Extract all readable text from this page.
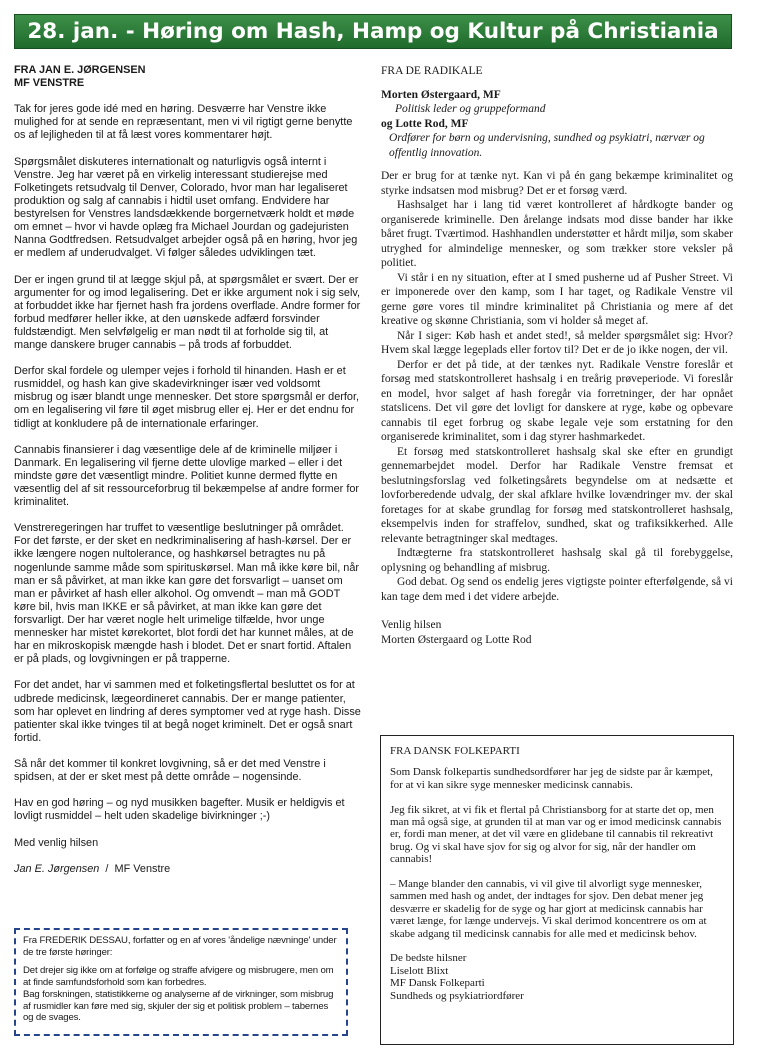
28. jan. - Høring om Hash, Hamp og Kultur på Christiania
FRA JAN E. JØRGENSEN
MF VENSTRE

Tak for jeres gode idé med en høring. Desværre har Venstre ikke mulighed for at sende en repræsentant, men vi vil rigtigt gerne benytte os af lejligheden til at få læst vores kommentarer højt.

Spørgsmålet diskuteres internationalt og naturligvis også internt i Venstre. Jeg har været på en virkelig interessant studierejse med Folketingets retsudvalg til Denver, Colorado, hvor man har legaliseret produktion og salg af cannabis i hidtil uset omfang. Endvidere har bestyrelsen for Venstres landsdækkende borgernetværk holdt et møde om emnet – hvor vi havde oplæg fra Michael Jourdan og gadejuristen Nanna Godtfredsen. Retsudvalget arbejder også på en høring, hvor jeg er medlem af underudvalget. Vi følger således udviklingen tæt.

Der er ingen grund til at lægge skjul på, at spørgsmålet er svært. Der er argumenter for og imod legalisering. Det er ikke argument nok i sig selv, at forbuddet ikke har fjernet hash fra jordens overflade. Andre former for forbud medfører heller ikke, at den uønskede adfærd forsvinder fuldstændigt. Men selvfølgelig er man nødt til at forholde sig til, at mange danskere bruger cannabis – på trods af forbuddet.

Derfor skal fordele og ulemper vejes i forhold til hinanden. Hash er et rusmiddel, og hash kan give skadevirkninger især ved voldsomt misbrug og især blandt unge mennesker. Det store spørgsmål er derfor, om en legalisering vil føre til øget misbrug eller ej. Her er det endnu for tidligt at konkludere på de internationale erfaringer.

Cannabis finansierer i dag væsentlige dele af de kriminelle miljøer i Danmark. En legalisering vil fjerne dette ulovlige marked – eller i det mindste gøre det væsentligt mindre. Politiet kunne dermed flytte en væsentlig del af sit ressourceforbrug til bekæmpelse af andre former for kriminalitet.

Venstreregeringen har truffet to væsentlige beslutninger på området. For det første, er der sket en nedkriminalisering af hash-kørsel. Der er ikke længere nogen nultolerance, og hashkørsel betragtes nu på nogenlunde samme måde som spirituskørsel. Man må ikke køre bil, når man er så påvirket, at man ikke kan gøre det forsvarligt – uanset om man er påvirket af hash eller alkohol. Og omvendt – man må GODT køre bil, hvis man IKKE er så påvirket, at man ikke kan gøre det forsvarligt. Der har været nogle helt urimelige tilfælde, hvor unge mennesker har mistet kørekortet, blot fordi det har kunnet måles, at de har en mikroskopisk mængde hash i blodet. Det er snart fortid. Aftalen er på plads, og lovgivningen er på trapperne.

For det andet, har vi sammen med et folketingsflertal besluttet os for at udbrede medicinsk, lægeordineret cannabis. Der er mange patienter, som har oplevet en lindring af deres symptomer ved at ryge hash. Disse patienter skal ikke tvinges til at begå noget kriminelt. Det er også snart fortid.

Så når det kommer til konkret lovgivning, så er det med Venstre i spidsen, at der er sket mest på dette område – nogensinde.

Hav en god høring – og nyd musikken bagefter. Musik er heldigvis et lovligt rusmiddel – helt uden skadelige bivirkninger ;-)

Med venlig hilsen

Jan E. Jørgensen  /  MF Venstre

Fra FREDERIK DESSAU, forfatter og en af vores 'åndelige nævninge' under de tre første høringer:

Det drejer sig ikke om at forfølge og straffe afvigere og misbrugere, men om at finde samfundsforhold som kan forbedres.

Bag forskningen, statistikkerne og analyserne af de virkninger, som misbrug af rusmidler kan føre med sig, skjuler der sig et politisk problem – tabernes og de svages.

FRA DE RADIKALE
Morten Østergaard, MF
Politisk leder og gruppeformand
og Lotte Rod, MF
Ordfører for børn og undervisning, sundhed og psykiatri, nærvær og offentlig innovation.

Der er brug for at tænke nyt. Kan vi på én gang bekæmpe kriminalitet og styrke indsatsen mod misbrug? Det er et forsøg værd.

Hashsalget har i lang tid været kontrolleret af hårdkogte bander og organiserede kriminelle. Den årelange indsats mod disse bander har ikke båret frugt. Tværtimod. Hashhandlen understøtter et hårdt miljø, som skaber utryghed for almindelige mennesker, og som trækker store veksler på politiet.

Vi står i en ny situation, efter at I smed pusherne ud af Pusher Street. Vi er imponerede over den kamp, som I har taget, og Radikale Venstre vil gerne gøre vores til mindre kriminalitet på Christiania og mere af det kreative og skønne Christiania, som vi holder så meget af.

Når I siger: Køb hash et andet sted!, så melder spørgsmålet sig: Hvor? Hvem skal lægge legeplads eller fortov til? Det er de jo ikke nogen, der vil.

Derfor er det på tide, at der tænkes nyt. Radikale Venstre foreslår et forsøg med statskontrolleret hashsalg i en treårig prøveperiode. Vi foreslår en model, hvor salget af hash foregår via forretninger, der har opnået statslicens. Det vil gøre det lovligt for danskere at ryge, købe og opbevare cannabis til eget forbrug og skabe legale veje som erstatning for den organiserede kriminalitet, som i dag styrer hashmarkedet.

Et forsøg med statskontrolleret hashsalg skal ske efter en grundigt gennemarbejdet model. Derfor har Radikale Venstre fremsat et beslutningsforslag ved folketingsårets begyndelse om at nedsætte et lovforberedende udvalg, der skal afklare hvilke lovændringer mv. der skal foretages for at skabe grundlag for forsøg med statskontrolleret hashsalg, eksempelvis inden for straffelov, sundhed, skat og trafiksikkerhed. Alle relevante betragtninger skal medtages.

Indtægterne fra statskontrolleret hashsalg skal gå til forebyggelse, oplysning og behandling af misbrug.

God debat. Og send os endelig jeres vigtigste pointer efterfølgende, så vi kan tage dem med i det videre arbejde.

Venlig hilsen
Morten Østergaard og Lotte Rod

FRA DANSK FOLKEPARTI

Som Dansk folkepartis sundhedsordfører har jeg de sidste par år kæmpet, for at vi kan sikre syge mennesker medicinsk cannabis.

Jeg fik sikret, at vi fik et flertal på Christiansborg for at starte det op, men man må også sige, at grunden til at man var og er imod medicinsk cannabis er, fordi man mener, at det vil være en glidebane til cannabis til rekreativt brug. Og vi skal have sjov for sig og alvor for sig, når der handler om cannabis!

– Mange blander den cannabis, vi vil give til alvorligt syge mennesker, sammen med hash og andet, der indtages for sjov. Den debat mener jeg desværre er skadelig for de syge og har gjort at medicinsk cannabis har været længe, for længe undervejs. Vi skal derimod koncentrere os om at skabe adgang til medicinsk cannabis for alle med et medicinsk behov.

De bedste hilsner
Liselott Blixt
MF Dansk Folkeparti
Sundheds og psykiatriordfører
